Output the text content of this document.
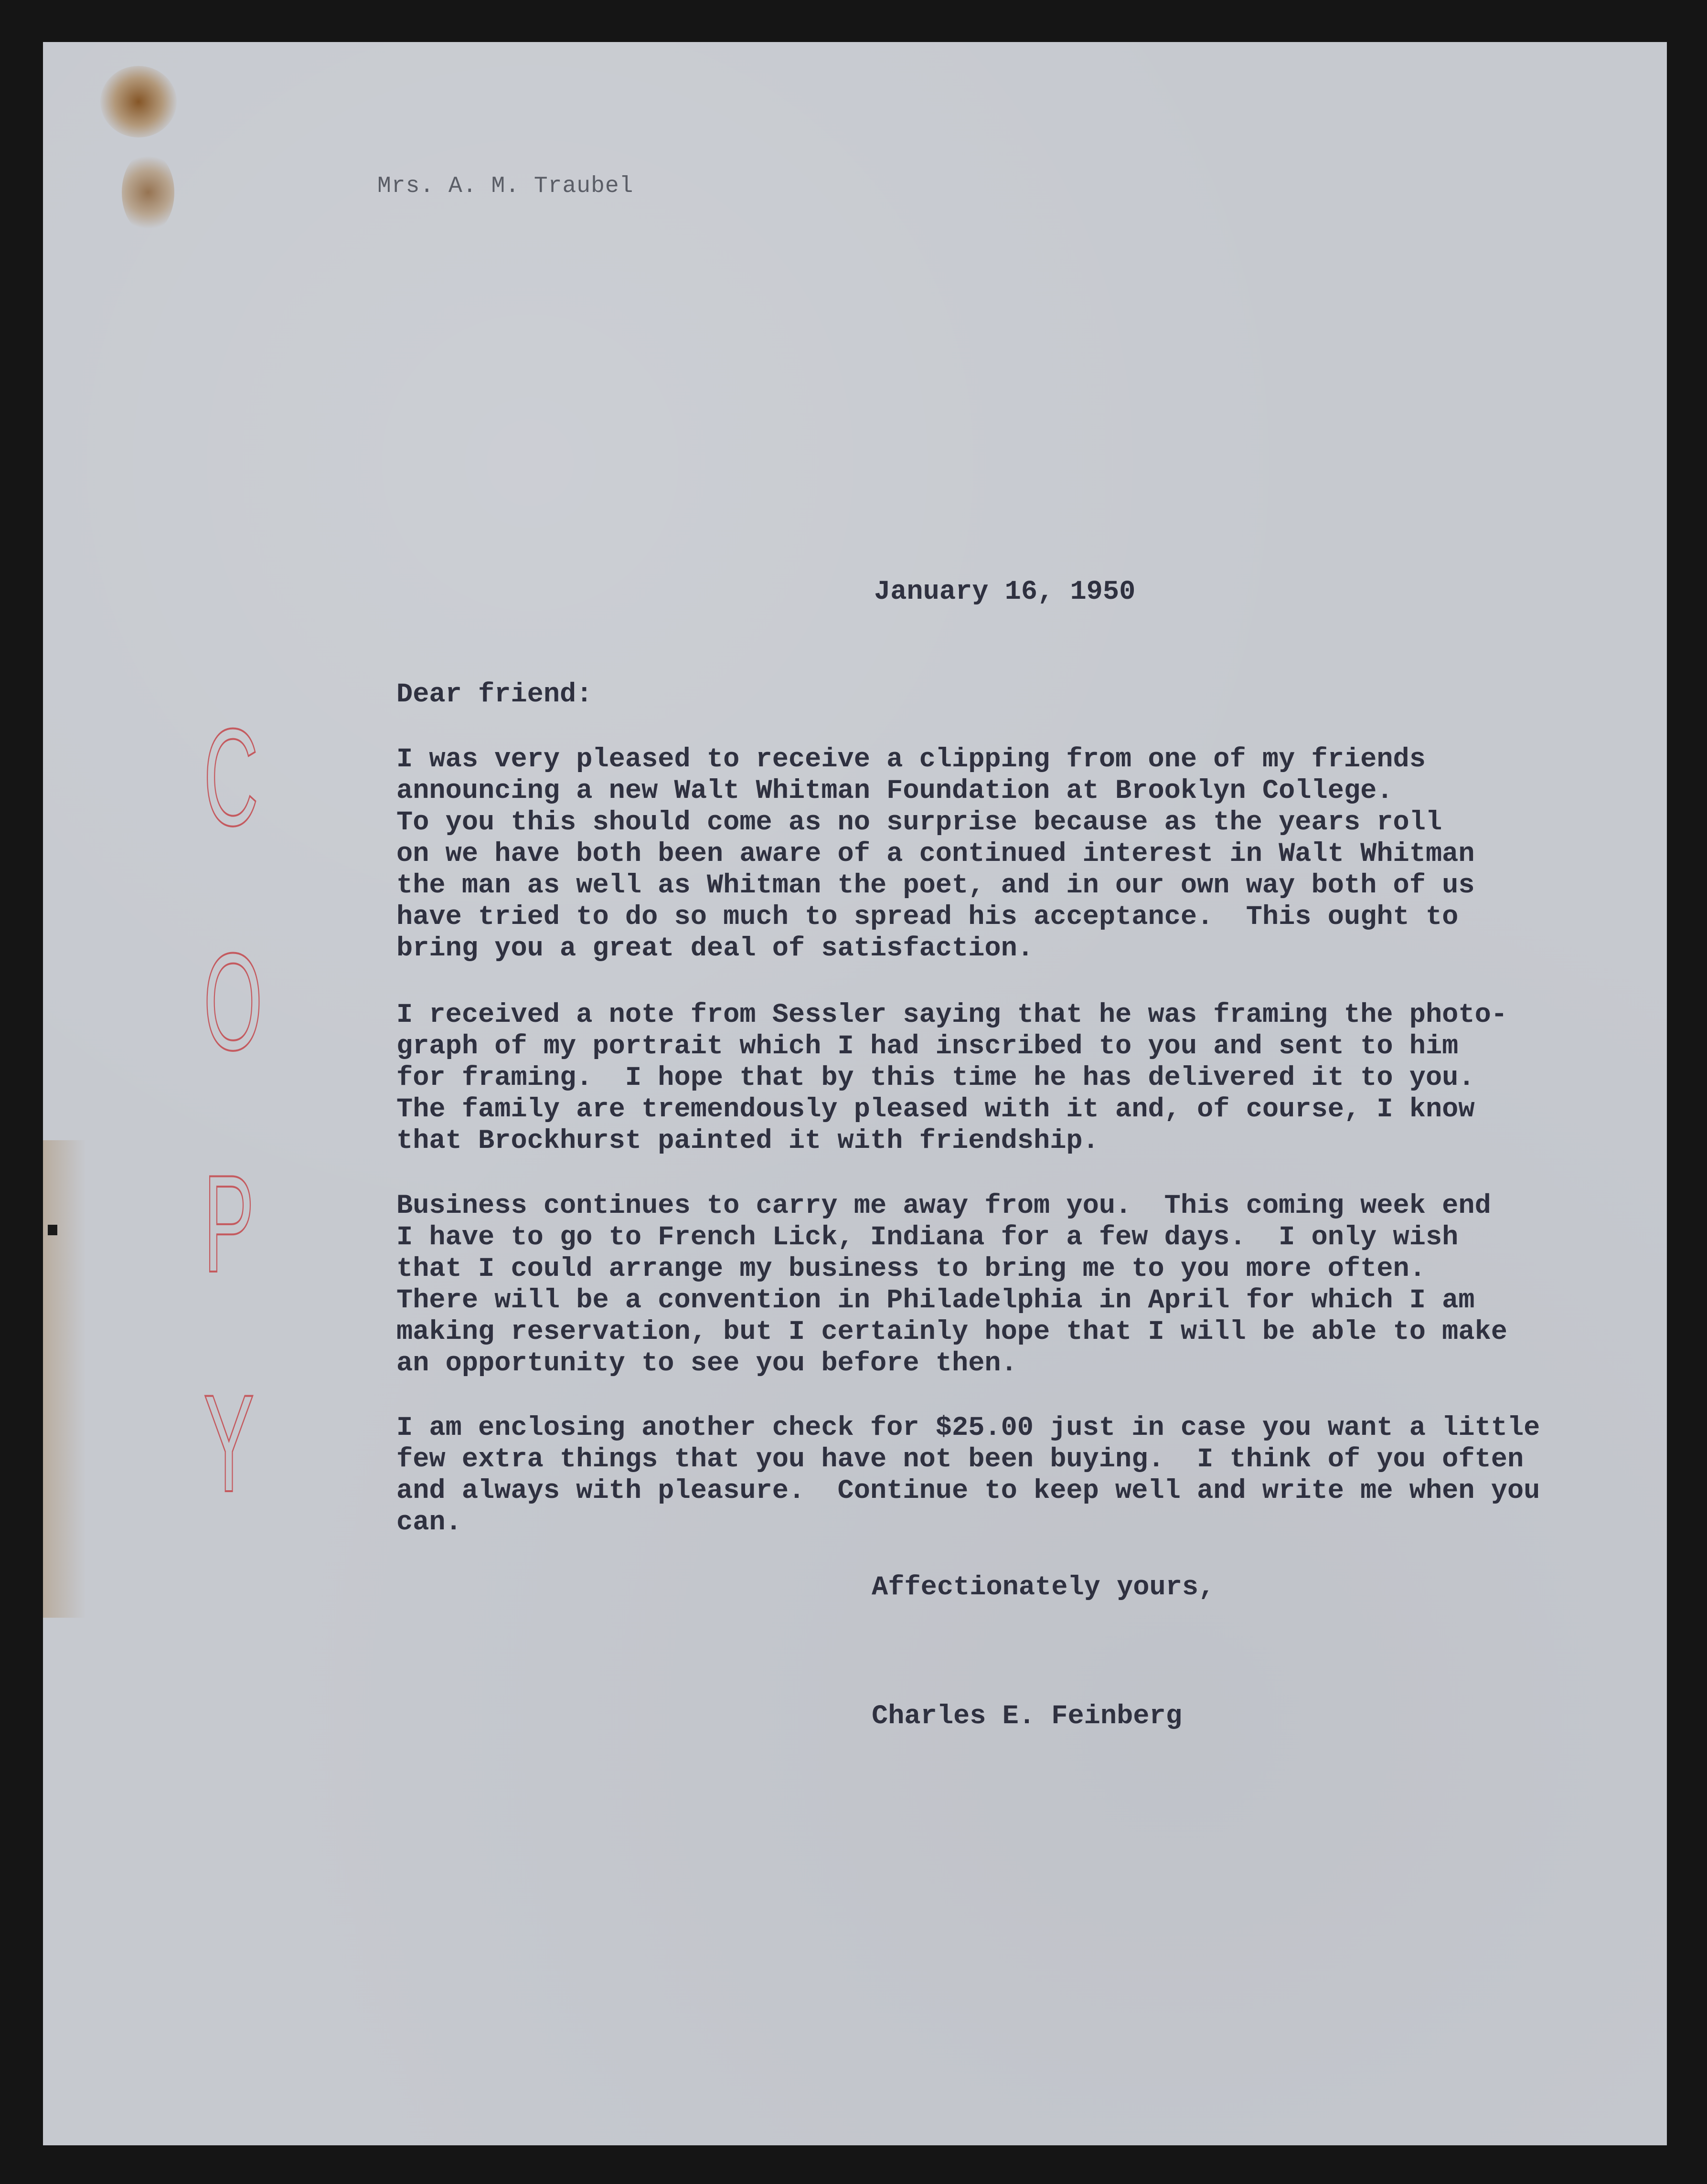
Mrs. A. M. Traubel

January 16, 1950

Dear friend:

I was very pleased to receive a clipping from one of my friends
announcing a new Walt Whitman Foundation at Brooklyn College.
To you this should come as no surprise because as the years roll
on we have both been aware of a continued interest in Walt Whitman
the man as well as Whitman the poet, and in our own way both of us
have tried to do so much to spread his acceptance.  This ought to
bring you a great deal of satisfaction.

I received a note from Sessler saying that he was framing the photo-
graph of my portrait which I had inscribed to you and sent to him
for framing.  I hope that by this time he has delivered it to you.
The family are tremendously pleased with it and, of course, I know
that Brockhurst painted it with friendship.

Business continues to carry me away from you.  This coming week end
I have to go to French Lick, Indiana for a few days.  I only wish
that I could arrange my business to bring me to you more often.
There will be a convention in Philadelphia in April for which I am
making reservation, but I certainly hope that I will be able to make
an opportunity to see you before then.

I am enclosing another check for $25.00 just in case you want a little
few extra things that you have not been buying.  I think of you often
and always with pleasure.  Continue to keep well and write me when you
can.

Affectionately yours,

Charles E. Feinberg

C
O
P
Y
